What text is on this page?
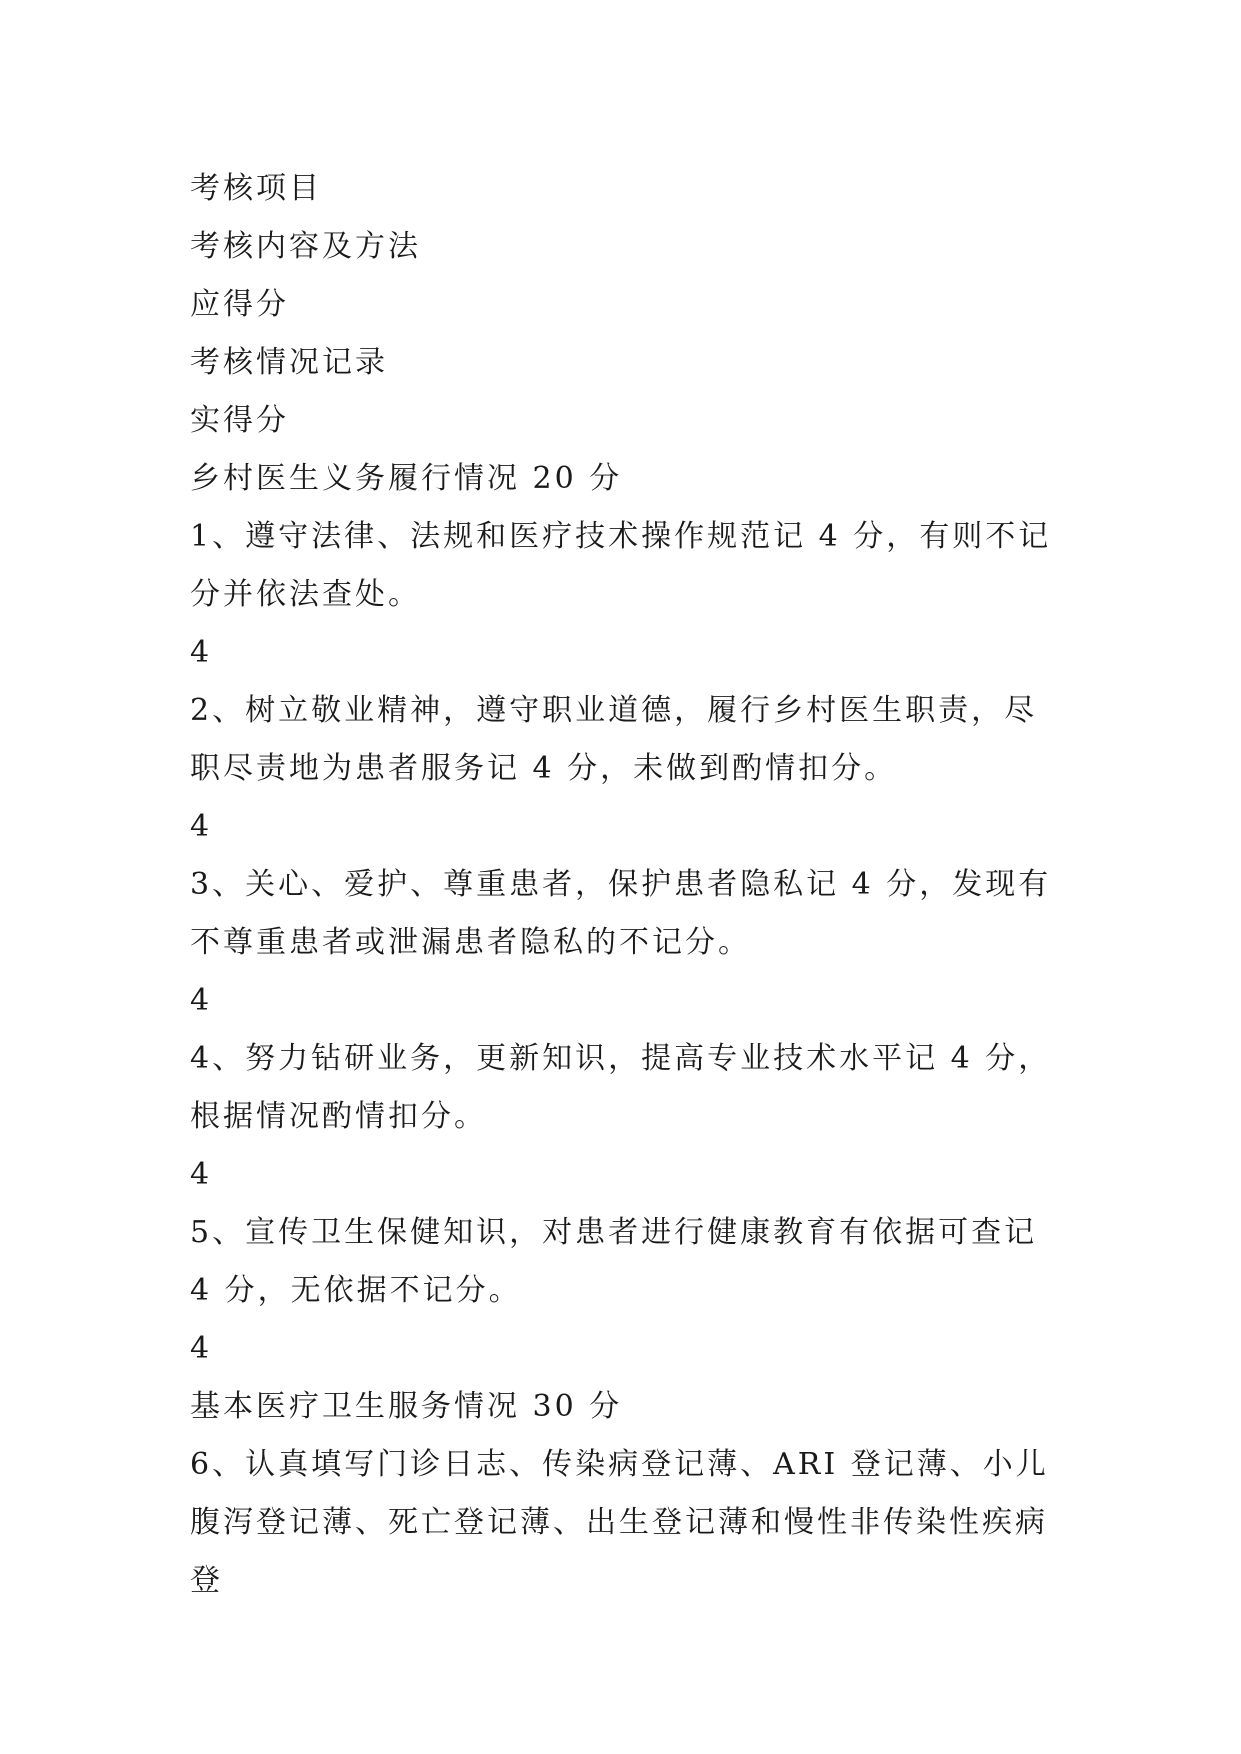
考核项目
考核内容及方法
应得分
考核情况记录
实得分
乡村医生义务履行情况 20 分
1、遵守法律、法规和医疗技术操作规范记 4 分，有则不记分并依法查处。
4
2、树立敬业精神，遵守职业道德，履行乡村医生职责，尽职尽责地为患者服务记 4 分，未做到酌情扣分。
4
3、关心、爱护、尊重患者，保护患者隐私记 4 分，发现有不尊重患者或泄漏患者隐私的不记分。
4
4、努力钻研业务，更新知识，提高专业技术水平记 4 分，根据情况酌情扣分。
4
5、宣传卫生保健知识，对患者进行健康教育有依据可查记 4 分，无依据不记分。
4
基本医疗卫生服务情况 30 分
6、认真填写门诊日志、传染病登记薄、ARI 登记薄、小儿腹泻登记薄、死亡登记薄、出生登记薄和慢性非传染性疾病登
